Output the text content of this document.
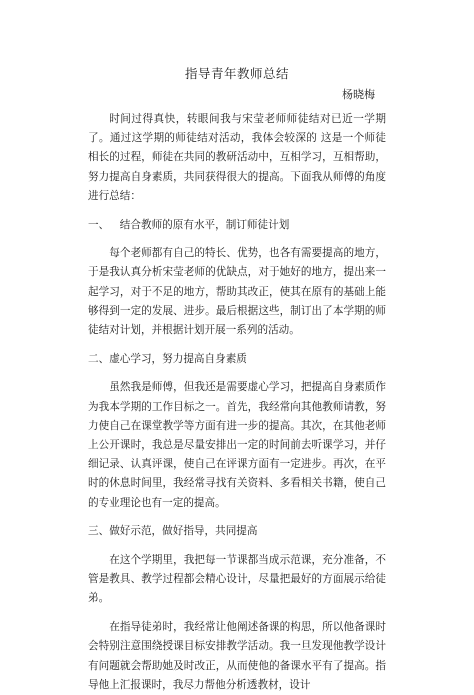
指导青年教师总结
杨晓梅

时间过得真快，转眼间我与宋莹老师师徒结对已近一学期了。通过这学期的师徒结对活动，我体会较深的 这是一个师徒相长的过程，师徒在共同的教研活动中，互相学习，互相帮助，努力提高自身素质，共同获得很大的提高。下面我从师傅的角度进行总结：

一、 结合教师的原有水平，制订师徒计划

每个老师都有自己的特长、优势，也各有需要提高的地方，于是我认真分析宋莹老师的优缺点，对于她好的地方，提出来一起学习，对于不足的地方，帮助其改正，使其在原有的基础上能够得到一定的发展、进步。最后根据这些，制订出了本学期的师徒结对计划，并根据计划开展一系列的活动。

二、虚心学习，努力提高自身素质

虽然我是师傅，但我还是需要虚心学习，把提高自身素质作为我本学期的工作目标之一。首先，我经常向其他教师请教，努力使自己在课堂教学等方面有进一步的提高。其次，在其他老师上公开课时，我总是尽量安排出一定的时间前去听课学习，并仔细记录、认真评课，使自己在评课方面有一定进步。再次，在平时的休息时间里，我经常寻找有关资料、多看相关书籍，使自己的专业理论也有一定的提高。

三、做好示范，做好指导，共同提高

在这个学期里，我把每一节课都当成示范课，充分准备，不管是教具、教学过程都会精心设计，尽量把最好的方面展示给徒弟。

在指导徒弟时，我经常让他阐述备课的构思，所以他备课时会特别注意围绕授课目标安排教学活动。我一旦发现他教学设计有问题就会帮助她及时改正，从而使他的备课水平有了提高。指导他上汇报课时，我尽力帮他分析透教材，设计
